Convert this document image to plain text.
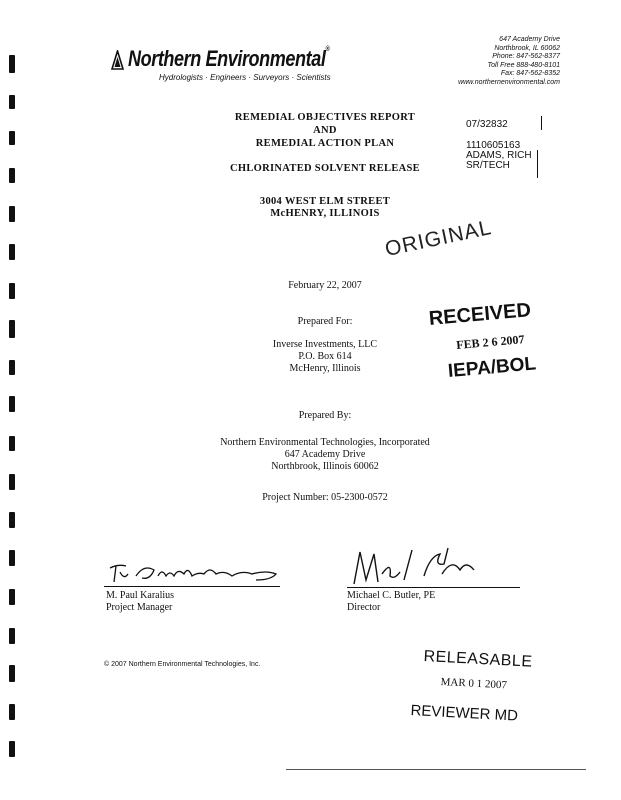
Northern Environmental®
Hydrologists · Engineers · Surveyors · Scientists
647 Academy Drive
Northbrook, IL 60062
Phone: 847-562-8377
Toll Free 888-480-8101
Fax: 847-562-8352
www.northernenvironmental.com
REMEDIAL OBJECTIVES REPORT
AND
REMEDIAL ACTION PLAN
CHLORINATED SOLVENT RELEASE
07/32832
1110605163
ADAMS, RICH
SR/TECH
3004 WEST ELM STREET
McHENRY, ILLINOIS
ORIGINAL
February 22, 2007
Prepared For:
Inverse Investments, LLC
P.O. Box 614
McHenry, Illinois
RECEIVED
FEB 2 6 2007
IEPA/BOL
Prepared By:
Northern Environmental Technologies, Incorporated
647 Academy Drive
Northbrook, Illinois 60062
Project Number: 05-2300-0572
M. Paul Karalius
Project Manager
Michael C. Butler, PE
Director
© 2007 Northern Environmental Technologies, Inc.	RELEASABLE
MAR 0 1 2007
REVIEWER MD
